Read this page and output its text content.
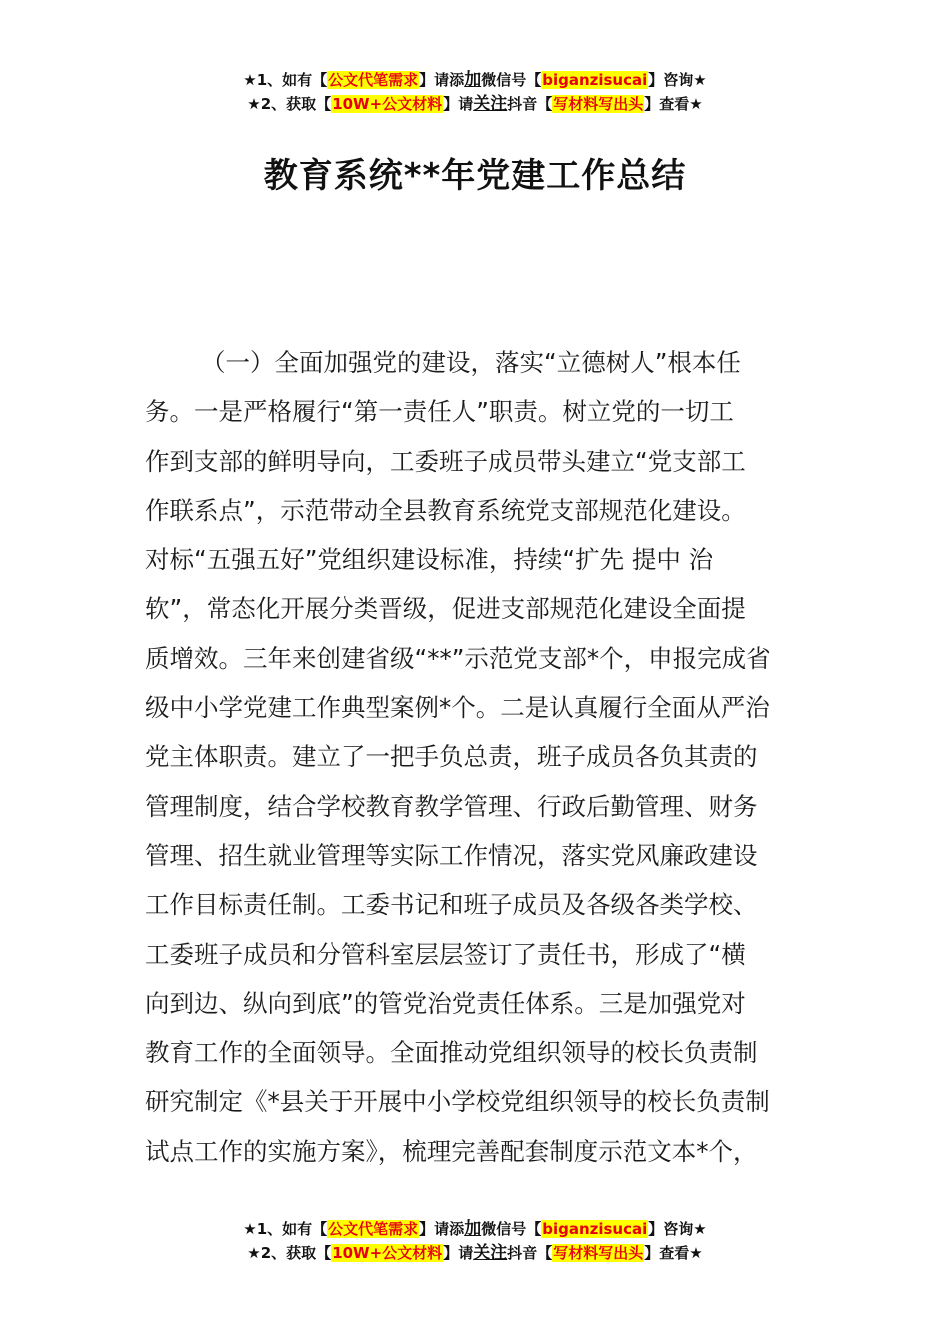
★1、如有【公文代笔需求】请添加微信号【biganzisucai】咨询★
★2、获取【10W+公文材料】请关注抖音【写材料写出头】查看★
教育系统**年党建工作总结
（一）全面加强党的建设，落实“立德树人”根本任
务。一是严格履行“第一责任人”职责。树立党的一切工
作到支部的鲜明导向，工委班子成员带头建立“党支部工
作联系点”，示范带动全县教育系统党支部规范化建设。
对标“五强五好”党组织建设标准，持续“扩先 提中 治
软”，常态化开展分类晋级，促进支部规范化建设全面提
质增效。三年来创建省级“**”示范党支部*个，申报完成省
级中小学党建工作典型案例*个。二是认真履行全面从严治
党主体职责。建立了一把手负总责，班子成员各负其责的
管理制度，结合学校教育教学管理、行政后勤管理、财务
管理、招生就业管理等实际工作情况，落实党风廉政建设
工作目标责任制。工委书记和班子成员及各级各类学校、
工委班子成员和分管科室层层签订了责任书，形成了“横
向到边、纵向到底”的管党治党责任体系。三是加强党对
教育工作的全面领导。全面推动党组织领导的校长负责制
研究制定《*县关于开展中小学校党组织领导的校长负责制
试点工作的实施方案》，梳理完善配套制度示范文本*个，
★1、如有【公文代笔需求】请添加微信号【biganzisucai】咨询★
★2、获取【10W+公文材料】请关注抖音【写材料写出头】查看★
